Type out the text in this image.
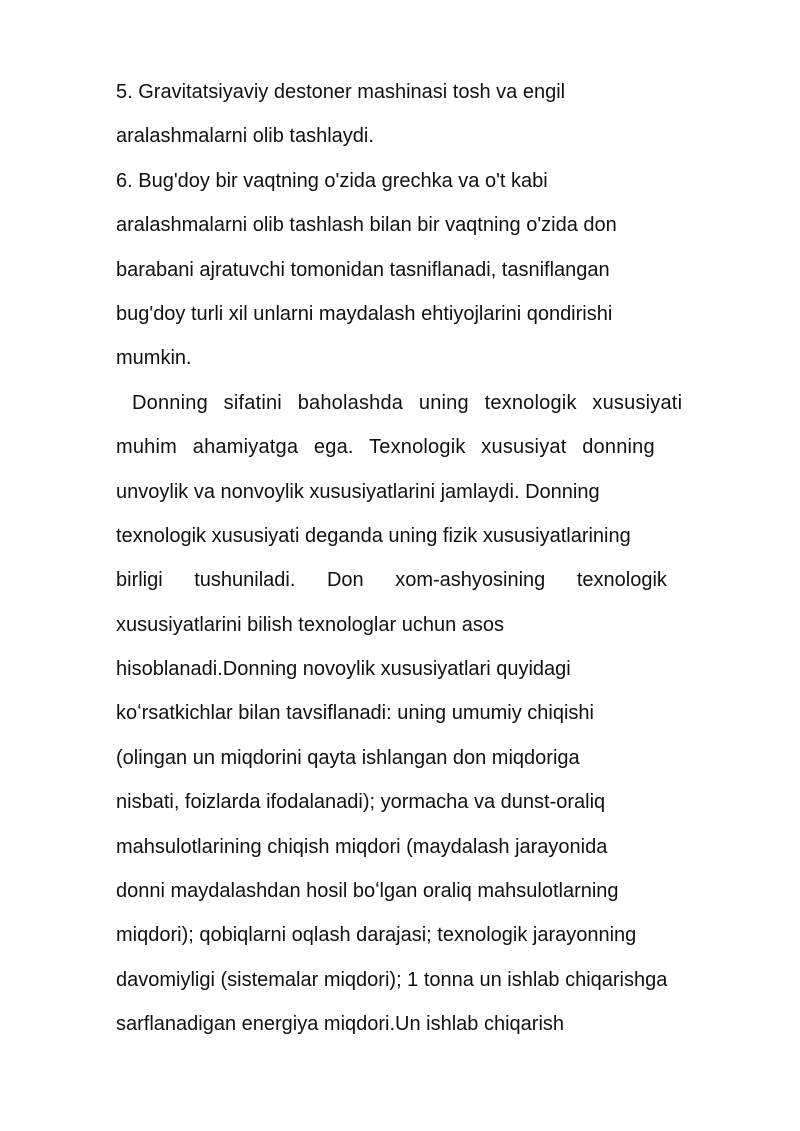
5. Gravitatsiyaviy destoner mashinasi tosh va engil
aralashmalarni olib tashlaydi.
6. Bug'doy bir vaqtning o'zida grechka va o't kabi
aralashmalarni olib tashlash bilan bir vaqtning o'zida don
barabani ajratuvchi tomonidan tasniflanadi, tasniflangan
bug'doy turli xil unlarni maydalash ehtiyojlarini qondirishi
mumkin.
Donning sifatini baholashda uning texnologik xususiyati
muhim ahamiyatga ega. Texnologik xususiyat donning
unvoylik va nonvoylik xususiyatlarini jamlaydi. Donning
texnologik xususiyati deganda uning fizik xususiyatlarining
birligi tushuniladi. Don xom-ashyosining texnologik
xususiyatlarini bilish texnologlar uchun asos
hisoblanadi.Donning novoylik xususiyatlari quyidagi
koʻrsatkichlar bilan tavsiflanadi: uning umumiy chiqishi
(olingan un miqdorini qayta ishlangan don miqdoriga
nisbati, foizlarda ifodalanadi); yormacha va dunst-oraliq
mahsulotlarining chiqish miqdori (maydalash jarayonida
donni maydalashdan hosil boʻlgan oraliq mahsulotlarning
miqdori); qobiqlarni oqlash darajasi; texnologik jarayonning
davomiyligi (sistemalar miqdori); 1 tonna un ishlab chiqarishga
sarflanadigan energiya miqdori.Un ishlab chiqarish
